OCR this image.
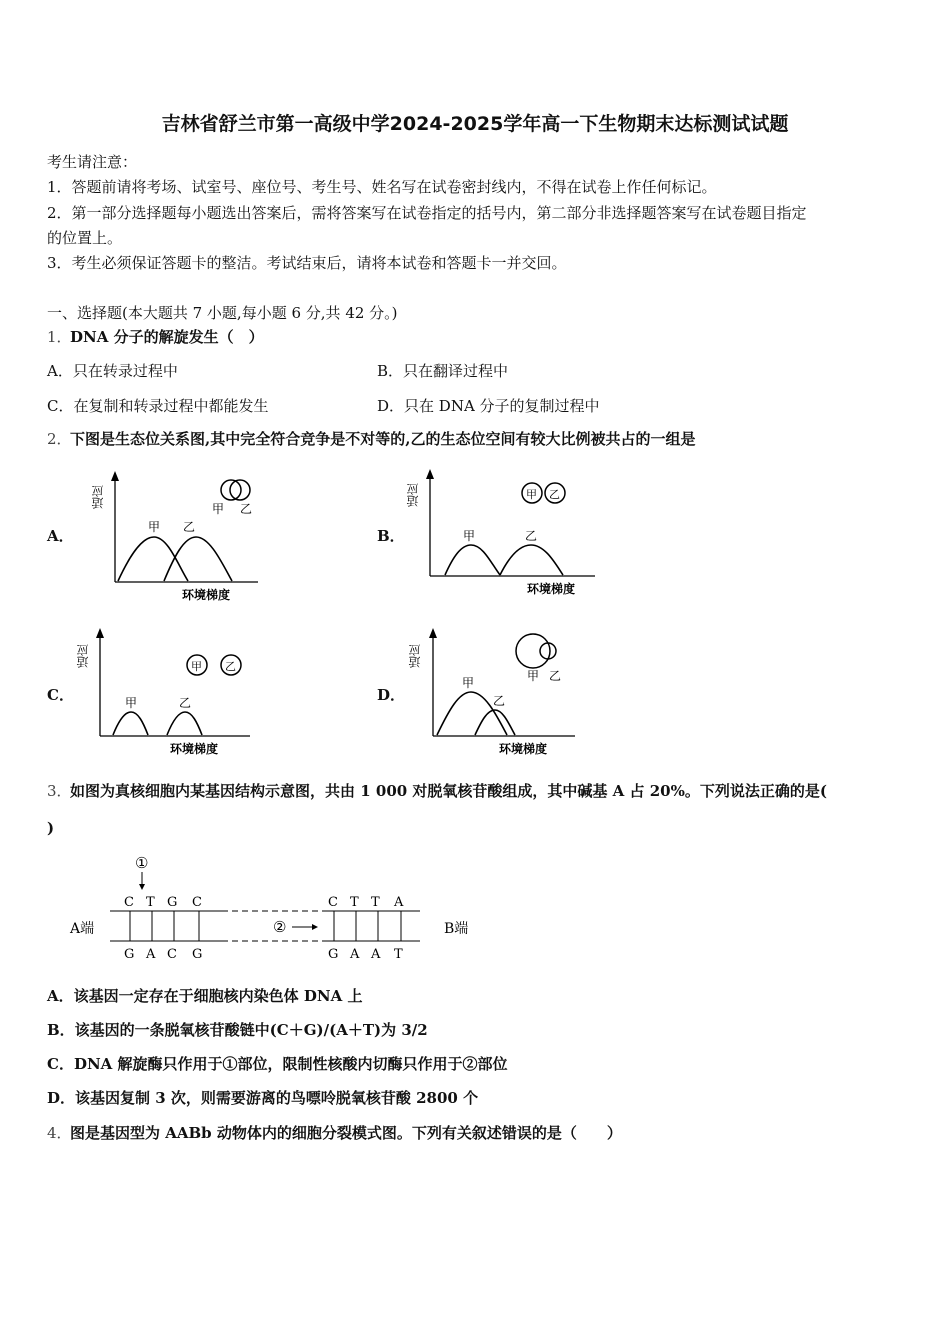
吉林省舒兰市第一高级中学2024-2025学年高一下生物期末达标测试试题
考生请注意：
1．答题前请将考场、试室号、座位号、考生号、姓名写在试卷密封线内，不得在试卷上作任何标记。
2．第一部分选择题每小题选出答案后，需将答案写在试卷指定的括号内，第二部分非选择题答案写在试卷题目指定
的位置上。
3．考生必须保证答题卡的整洁。考试结束后，请将本试卷和答题卡一并交回。
一、选择题(本大题共 7 小题,每小题 6 分,共 42 分。)
1．
DNA 分子的解旋发生（　）
A．只在转录过程中	B．只在翻译过程中
C．在复制和转录过程中都能发生	D．只在 DNA 分子的复制过程中
2．
下图是生态位关系图,其中完全符合竞争是不对等的,乙的生态位空间有较大比例被共占的一组是
A．	B．
C．	D．
适应
甲 乙
甲 乙
环境梯度
适应
甲	乙
甲 乙
环境梯度
适应
甲	乙
甲 乙
环境梯度
适应
甲
乙
甲 乙
环境梯度
3．
如图为真核细胞内某基因结构示意图，共由 1 000 对脱氧核苷酸组成，其中碱基 A 占 20%。下列说法正确的是(
)
①
C T G C	C T T A
②
A端	B端
G A C G	G A A T
A．该基因一定存在于细胞核内染色体 DNA 上
B．该基因的一条脱氧核苷酸链中(C＋G)/(A＋T)为 3/2
C．DNA 解旋酶只作用于①部位，限制性核酸内切酶只作用于②部位
D．该基因复制 3 次，则需要游离的鸟嘌呤脱氧核苷酸 2800 个
4．
图是基因型为 AABb 动物体内的细胞分裂模式图。下列有关叙述错误的是（　　）
